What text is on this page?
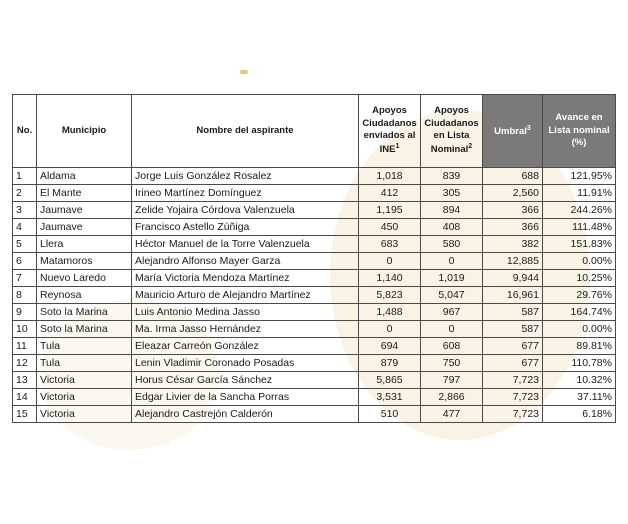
No.	Municipio	Nombre del aspirante	Apoyos Ciudadanos enviados al INE$^1$	Apoyos Ciudadanos en Lista Nominal$^2$	Umbral$^3$	Avance en Lista nominal (%)
1	Aldama	Jorge Luis González Rosalez	1,018	839	688	121.95%
2	El Mante	Irineo Martínez Domínguez	412	305	2,560	11.91%
3	Jaumave	Zelide Yojaira Córdova Valenzuela	1,195	894	366	244.26%
4	Jaumave	Francisco Astello Zúñiga	450	408	366	111.48%
5	Llera	Héctor Manuel de la Torre Valenzuela	683	580	382	151.83%
6	Matamoros	Alejandro Alfonso Mayer Garza	0	0	12,885	0.00%
7	Nuevo Laredo	María Victoria Mendoza Martínez	1,140	1,019	9,944	10.25%
8	Reynosa	Mauricio Arturo de Alejandro Martínez	5,823	5,047	16,961	29.76%
9	Soto la Marina	Luis Antonio Medina Jasso	1,488	967	587	164.74%
10	Soto la Marina	Ma. Irma Jasso Hernández	0	0	587	0.00%
11	Tula	Eleazar Carreón González	694	608	677	89.81%
12	Tula	Lenin Vladimir Coronado Posadas	879	750	677	110.78%
13	Victoria	Horus César García Sánchez	5,865	797	7,723	10.32%
14	Victoria	Edgar Livier de la Sancha Porras	3,531	2,866	7,723	37.11%
15	Victoria	Alejandro Castrejón Calderón	510	477	7,723	6.18%
